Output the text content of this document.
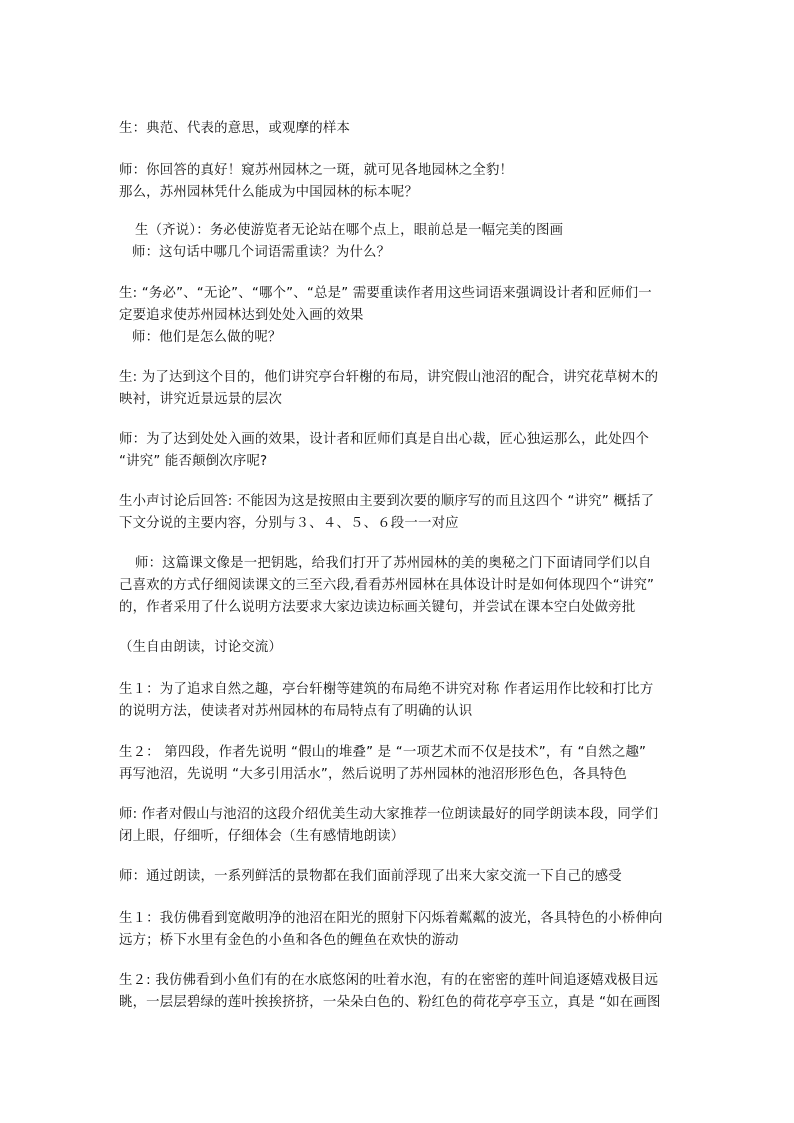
生：典范、代表的意思，或观摩的样本
师：你回答的真好！窥苏州园林之一斑，就可见各地园林之全豹！
那么，苏州园林凭什么能成为中国园林的标本呢？
生（齐说）：务必使游览者无论站在哪个点上，眼前总是一幅完美的图画
师：这句话中哪几个词语需重读？为什么？
生: “务必”、“无论”、“哪个”、“总是” 需要重读作者用这些词语来强调设计者和匠师们一
定要追求使苏州园林达到处处入画的效果
师：他们是怎么做的呢？
生: 为了达到这个目的，他们讲究亭台轩榭的布局，讲究假山池沼的配合，讲究花草树木的
映衬，讲究近景远景的层次
师：为了达到处处入画的效果，设计者和匠师们真是自出心裁，匠心独运那么，此处四个
“讲究” 能否颠倒次序呢?
生小声讨论后回答: 不能因为这是按照由主要到次要的顺序写的而且这四个 “讲究” 概括了
下文分说的主要内容，分别与３、４、５、６段一一对应
师：这篇课文像是一把钥匙，给我们打开了苏州园林的美的奥秘之门下面请同学们以自
己喜欢的方式仔细阅读课文的三至六段,看看苏州园林在具体设计时是如何体现四个“讲究”
的，作者采用了什么说明方法要求大家边读边标画关键句，并尝试在课本空白处做旁批
（生自由朗读，讨论交流）
生１：为了追求自然之趣，亭台轩榭等建筑的布局绝不讲究对称 作者运用作比较和打比方
的说明方法，使读者对苏州园林的布局特点有了明确的认识
生２： 第四段，作者先说明 “假山的堆叠” 是 “一项艺术而不仅是技术”，有 “自然之趣”
再写池沼，先说明 “大多引用活水”，然后说明了苏州园林的池沼形形色色，各具特色
师: 作者对假山与池沼的这段介绍优美生动大家推荐一位朗读最好的同学朗读本段，同学们
闭上眼，仔细听，仔细体会（生有感情地朗读）
师：通过朗读，一系列鲜活的景物都在我们面前浮现了出来大家交流一下自己的感受
生１：我仿佛看到宽敞明净的池沼在阳光的照射下闪烁着粼粼的波光，各具特色的小桥伸向
远方；桥下水里有金色的小鱼和各色的鲤鱼在欢快的游动
生２: 我仿佛看到小鱼们有的在水底悠闲的吐着水泡，有的在密密的莲叶间追逐嬉戏极目远
眺，一层层碧绿的莲叶挨挨挤挤，一朵朵白色的、粉红色的荷花亭亭玉立，真是 “如在画图
